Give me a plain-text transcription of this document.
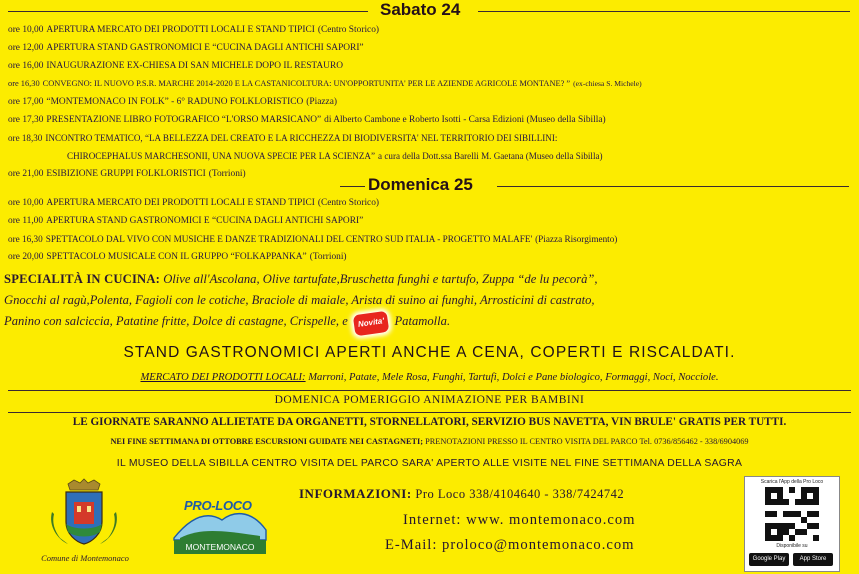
Sabato 24
ore 10,00 APERTURA MERCATO DEI PRODOTTI LOCALI E STAND TIPICI (Centro Storico)
ore 12,00 APERTURA STAND GASTRONOMICI E “CUCINA DAGLI ANTICHI SAPORI”
ore 16,00 INAUGURAZIONE EX-CHIESA DI SAN MICHELE DOPO IL RESTAURO
ore 16,30 CONVEGNO: IL NUOVO P.S.R. MARCHE 2014-2020 E LA CASTANICOLTURA: UN'OPPORTUNITA' PER LE AZIENDE AGRICOLE MONTANE? ” (ex-chiesa S. Michele)
ore 17,00 “MONTEMONACO IN FOLK” - 6° RADUNO FOLKLORISTICO (Piazza)
ore 17,30 PRESENTAZIONE LIBRO FOTOGRAFICO “L'ORSO MARSICANO” di Alberto Cambone e Roberto Isotti - Carsa Edizioni (Museo della Sibilla)
ore 18,30 INCONTRO TEMATICO, “LA BELLEZZA DEL CREATO E LA RICCHEZZA DI BIODIVERSITA' NEL TERRITORIO DEI SIBILLINI:
CHIROCEPHALUS MARCHESONII, UNA NUOVA SPECIE PER LA SCIENZA” a cura della Dott.ssa Barelli M. Gaetana (Museo della Sibilla)
ore 21,00 ESIBIZIONE GRUPPI FOLKLORISTICI (Torrioni)
Domenica 25
ore 10,00 APERTURA MERCATO DEI PRODOTTI LOCALI E STAND TIPICI (Centro Storico)
ore 11,00 APERTURA STAND GASTRONOMICI E “CUCINA DAGLI ANTICHI SAPORI”
ore 16,30 SPETTACOLO DAL VIVO CON MUSICHE E DANZE TRADIZIONALI DEL CENTRO SUD ITALIA - PROGETTO MALAFE' (Piazza Risorgimento)
ore 20,00 SPETTACOLO MUSICALE CON IL GRUPPO “FOLKAPPANKA” (Torrioni)
SPECIALITÀ IN CUCINA: Olive all'Ascolana, Olive tartufate,Bruschetta funghi e tartufo, Zuppa “de lu pecorà”,
Gnocchi al ragù,Polenta, Fagioli con le cotiche, Braciole di maiale, Arista di suino ai funghi, Arrosticini di castrato,
Panino con salciccia, Patatine fritte, Dolce di castagne, Crispelle, e Novita' Patamolla.
STAND GASTRONOMICI APERTI ANCHE A CENA, COPERTI E RISCALDATI.
MERCATO DEI PRODOTTI LOCALI: Marroni, Patate, Mele Rosa, Funghi, Tartufi, Dolci e Pane biologico, Formaggi, Noci, Nocciole.
DOMENICA POMERIGGIO ANIMAZIONE PER BAMBINI
LE GIORNATE SARANNO ALLIETATE DA ORGANETTI, STORNELLATORI, SERVIZIO BUS NAVETTA, VIN BRULE' GRATIS PER TUTTI.
NEI FINE SETTIMANA DI OTTOBRE ESCURSIONI GUIDATE NEI CASTAGNETI; PRENOTAZIONI PRESSO IL CENTRO VISITA DEL PARCO Tel. 0736/856462 - 338/6904069
IL MUSEO DELLA SIBILLA CENTRO VISITA DEL PARCO SARA' APERTO ALLE VISITE NEL FINE SETTIMANA DELLA SAGRA
Comune di Montemonaco
PRO-LOCO
MONTEMONACO
INFORMAZIONI: Pro Loco 338/4104640 - 338/7424742
Internet: www. montemonaco.com
E-Mail: proloco@montemonaco.com
Scarica l'App della Pro Loco
Disponibile su
Google Play	App Store
